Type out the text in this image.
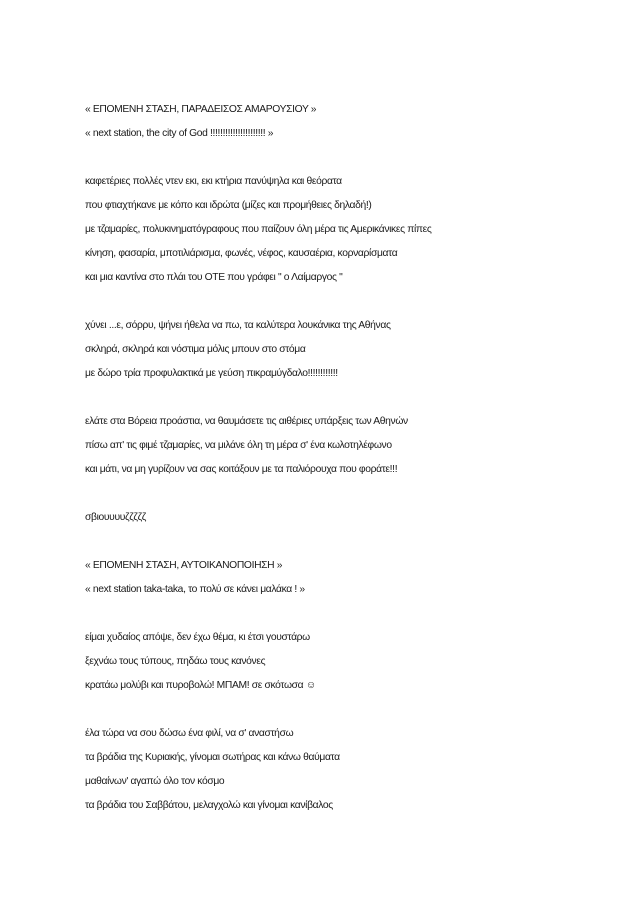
« ΕΠΟΜΕΝΗ ΣΤΑΣΗ, ΠΑΡΑΔΕΙΣΟΣ ΑΜΑΡΟΥΣΙΟΥ »
« next station, the city of God !!!!!!!!!!!!!!!!!!!!!! »
καφετέριες πολλές ντεν εκι, εκι κτήρια πανύψηλα και θεόρατα
που φτιαχτήκανε με κόπο και ιδρώτα (μίζες και προμήθειες δηλαδή!)
με τζαμαρίες, πολυκινηματόγραφους που παίζουν όλη μέρα τις Αμερικάνικες πίπες
κίνηση, φασαρία, μποτιλιάρισμα, φωνές, νέφος, καυσαέρια, κορναρίσματα
και μια καντίνα στο πλάι του ΟΤΕ που γράφει " ο Λαίμαργος "
χύνει ...ε, σόρρυ, ψήνει ήθελα να πω, τα καλύτερα λουκάνικα της Αθήνας
σκληρά, σκληρά και νόστιμα μόλις μπουν στο στόμα
με δώρο τρία προφυλακτικά με γεύση πικραμύγδαλο!!!!!!!!!!!!
ελάτε στα Βόρεια προάστια, να θαυμάσετε τις αιθέριες υπάρξεις των Αθηνών
πίσω απ' τις φιμέ τζαμαρίες, να μιλάνε όλη τη μέρα σ' ένα κωλοτηλέφωνο
και μάτι, να μη γυρίζουν να σας κοιτάξουν με τα παλιόρουχα που φοράτε!!!
σβιουυυυζζζζζ
« ΕΠΟΜΕΝΗ ΣΤΑΣΗ, ΑΥΤΟΙΚΑΝΟΠΟΙΗΣΗ »
« next station taka-taka, το πολύ σε κάνει μαλάκα ! »
είμαι χυδαίος απόψε, δεν έχω θέμα, κι έτσι γουστάρω
ξεχνάω τους τύπους, πηδάω τους κανόνες
κρατάω μολύβι και πυροβολώ! ΜΠΑΜ! σε σκότωσα ☺
έλα τώρα να σου δώσω ένα φιλί, να σ' αναστήσω
τα βράδια της Κυριακής, γίνομαι σωτήρας και κάνω θαύματα
μαθαίνων' αγαπώ όλο τον κόσμο
τα βράδια του Σαββάτου, μελαγχολώ και γίνομαι κανίβαλος
